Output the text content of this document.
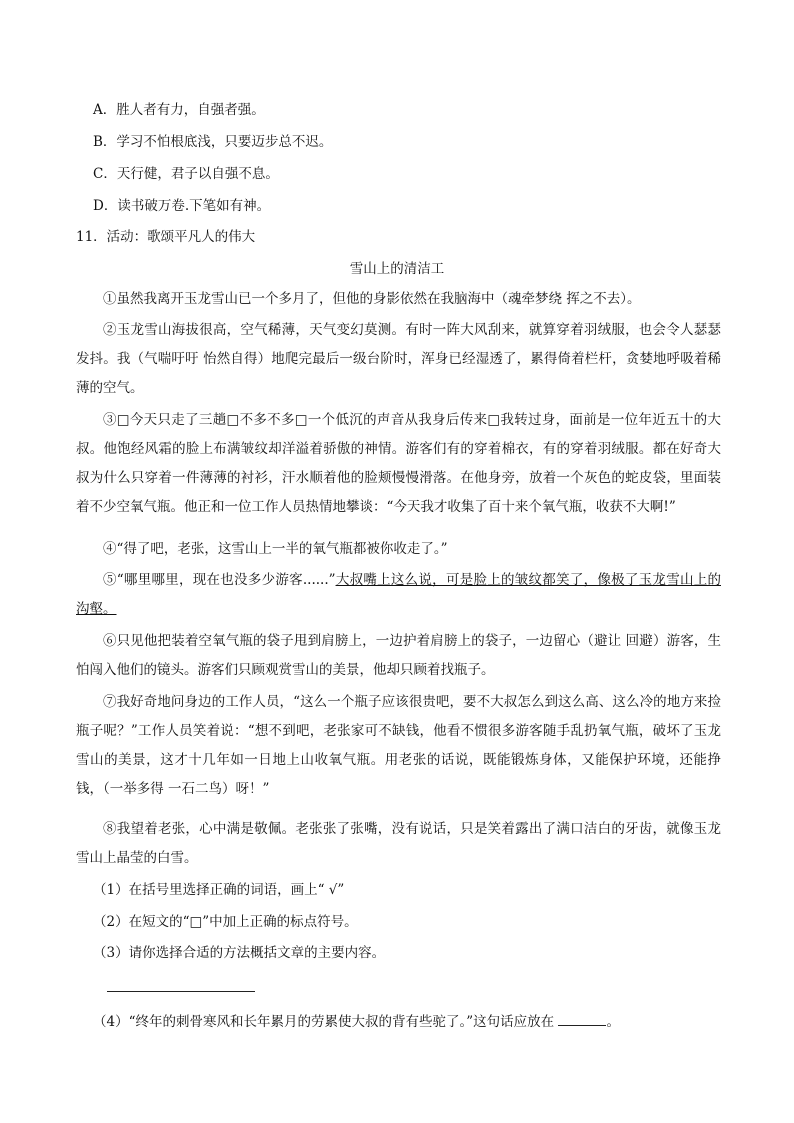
A．胜人者有力，自强者强。
B．学习不怕根底浅，只要迈步总不迟。
C．天行健，君子以自强不息。
D．读书破万卷.下笔如有神。
11．活动：歌颂平凡人的伟大
雪山上的清洁工
①虽然我离开玉龙雪山已一个多月了，但他的身影依然在我脑海中（魂牵梦绕 挥之不去）。
②玉龙雪山海拔很高，空气稀薄，天气变幻莫测。有时一阵大风刮来，就算穿着羽绒服，也会令人瑟瑟发抖。我（气喘吁吁 怡然自得）地爬完最后一级台阶时，浑身已经湿透了，累得倚着栏杆，贪婪地呼吸着稀薄的空气。
③□今天只走了三趟□不多不多□一个低沉的声音从我身后传来□我转过身，面前是一位年近五十的大叔。他饱经风霜的脸上布满皱纹却洋溢着骄傲的神情。游客们有的穿着棉衣，有的穿着羽绒服。都在好奇大叔为什么只穿着一件薄薄的衬衫，汗水顺着他的脸颊慢慢滑落。在他身旁，放着一个灰色的蛇皮袋，里面装着不少空氧气瓶。他正和一位工作人员热情地攀谈：“今天我才收集了百十来个氧气瓶，收获不大啊!”
④“得了吧，老张，这雪山上一半的氧气瓶都被你收走了。”
⑤“哪里哪里，现在也没多少游客......”大叔嘴上这么说，可是脸上的皱纹都笑了，像极了玉龙雪山上的沟壑。
⑥只见他把装着空氧气瓶的袋子甩到肩膀上，一边护着肩膀上的袋子，一边留心（避让 回避）游客，生怕闯入他们的镜头。游客们只顾观赏雪山的美景，他却只顾着找瓶子。
⑦我好奇地问身边的工作人员，“这么一个瓶子应该很贵吧，要不大叔怎么到这么高、这么冷的地方来捡瓶子呢？”工作人员笑着说：“想不到吧，老张家可不缺钱，他看不惯很多游客随手乱扔氧气瓶，破坏了玉龙雪山的美景，这才十几年如一日地上山收氧气瓶。用老张的话说，既能锻炼身体，又能保护环境，还能挣钱，（一举多得 一石二鸟）呀！”
⑧我望着老张，心中满是敬佩。老张张了张嘴，没有说话，只是笑着露出了满口洁白的牙齿，就像玉龙雪山上晶莹的白雪。
（1）在括号里选择正确的词语，画上“ √”
（2）在短文的“□”中加上正确的标点符号。
（3）请你选择合适的方法概括文章的主要内容。
（4）“终年的刺骨寒风和长年累月的劳累使大叔的背有些驼了。”这句话应放在	。
